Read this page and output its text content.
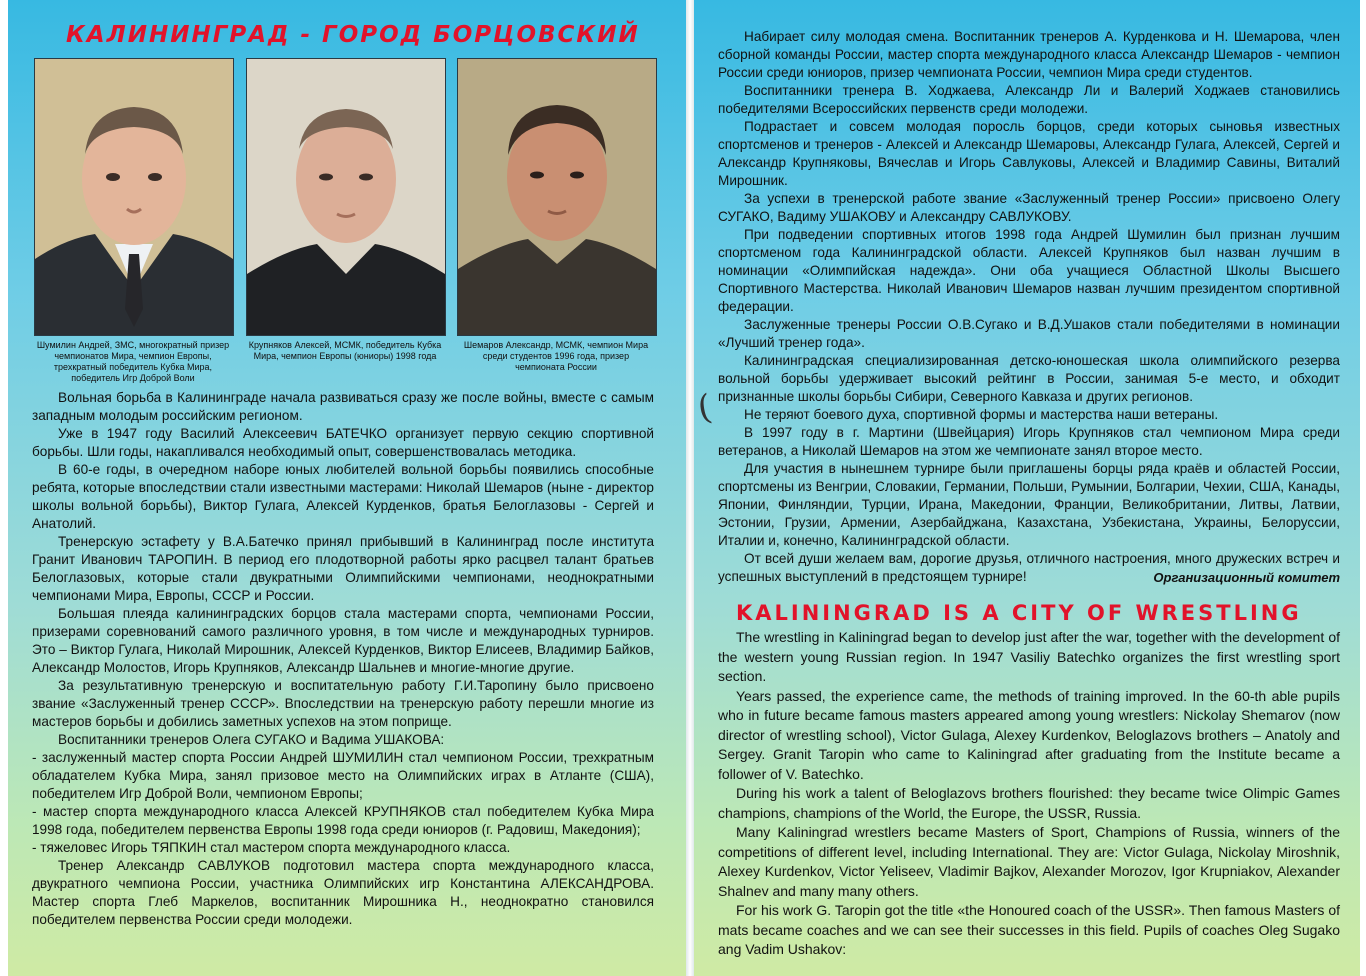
КАЛИНИНГРАД - ГОРОД БОРЦОВСКИЙ
Шумилин Андрей, ЗМС, многократный призер чемпионатов Мира, чемпион Европы, трехкратный победитель Кубка Мира, победитель Игр Доброй Воли
Крупняков Алексей, МСМК, победитель Кубка Мира, чемпион Европы (юниоры) 1998 года
Шемаров Александр, МСМК, чемпион Мира среди студентов 1996 года, призер чемпионата России

Вольная борьба в Калининграде начала развиваться сразу же после войны, вместе с самым западным молодым российским регионом.

Уже в 1947 году Василий Алексеевич БАТЕЧКО организует первую секцию спортивной борьбы. Шли годы, накапливался необходимый опыт, совершенствовалась методика.

В 60-е годы, в очередном наборе юных любителей вольной борьбы появились способные ребята, которые впоследствии стали известными мастерами: Николай Шемаров (ныне - директор школы вольной борьбы), Виктор Гулага, Алексей Курденков, братья Белоглазовы - Сергей и Анатолий.

Тренерскую эстафету у В.А.Батечко принял прибывший в Калининград после института Гранит Иванович ТАРОПИН. В период его плодотворной работы ярко расцвел талант братьев Белоглазовых, которые стали двукратными Олимпийскими чемпионами, неоднократными чемпионами Мира, Европы, СССР и России.

Большая плеяда калининградских борцов стала мастерами спорта, чемпионами России, призерами соревнований самого различного уровня, в том числе и международных турниров. Это – Виктор Гулага, Николай Мирошник, Алексей Курденков, Виктор Елисеев, Владимир Байков, Александр Молостов, Игорь Крупняков, Александр Шальнев и многие-многие другие.

За результативную тренерскую и воспитательную работу Г.И.Таропину было присвоено звание «Заслуженный тренер СССР». Впоследствии на тренерскую работу перешли многие из мастеров борьбы и добились заметных успехов на этом поприще.

Воспитанники тренеров Олега СУГАКО и Вадима УШАКОВА:

- заслуженный мастер спорта России Андрей ШУМИЛИН стал чемпионом России, трехкратным обладателем Кубка Мира, занял призовое место на Олимпийских играх в Атланте (США), победителем Игр Доброй Воли, чемпионом Европы;

- мастер спорта международного класса Алексей КРУПНЯКОВ стал победителем Кубка Мира 1998 года, победителем первенства Европы 1998 года среди юниоров (г. Радовиш, Македония);

- тяжеловес Игорь ТЯПКИН стал мастером спорта международного класса.

Тренер Александр САВЛУКОВ подготовил мастера спорта международного класса, двукратного чемпиона России, участника Олимпийских игр Константина АЛЕКСАНДРОВА. Мастер спорта Глеб Маркелов, воспитанник Мирошника Н., неоднократно становился победителем первенства России среди молодежи.

(

Набирает силу молодая смена. Воспитанник тренеров А. Курденкова и Н. Шемарова, член сборной команды России, мастер спорта международного класса Александр Шемаров - чемпион России среди юниоров, призер чемпионата России, чемпион Мира среди студентов.

Воспитанники тренера В. Ходжаева, Александр Ли и Валерий Ходжаев становились победителями Всероссийских первенств среди молодежи.

Подрастает и совсем молодая поросль борцов, среди которых сыновья известных спортсменов и тренеров - Алексей и Александр Шемаровы, Александр Гулага, Алексей, Сергей и Александр Крупняковы, Вячеслав и Игорь Савлуковы, Алексей и Владимир Савины, Виталий Мирошник.

За успехи в тренерской работе звание «Заслуженный тренер России» присвоено Олегу СУГАКО, Вадиму УШАКОВУ и Александру САВЛУКОВУ.

При подведении спортивных итогов 1998 года Андрей Шумилин был признан лучшим спортсменом года Калининградской области. Алексей Крупняков был назван лучшим в номинации «Олимпийская надежда». Они оба учащиеся Областной Школы Высшего Спортивного Мастерства. Николай Иванович Шемаров назван лучшим президентом спортивной федерации.

Заслуженные тренеры России О.В.Сугако и В.Д.Ушаков стали победителями в номинации «Лучший тренер года».

Калининградская специализированная детско-юношеская школа олимпийского резерва вольной борьбы удерживает высокий рейтинг в России, занимая 5-е место, и обходит признанные школы борьбы Сибири, Северного Кавказа и других регионов.

Не теряют боевого духа, спортивной формы и мастерства наши ветераны.

В 1997 году в г. Мартини (Швейцария) Игорь Крупняков стал чемпионом Мира среди ветеранов, а Николай Шемаров на этом же чемпионате занял второе место.

Для участия в нынешнем турнире были приглашены борцы ряда краёв и областей России, спортсмены из Венгрии, Словакии, Германии, Польши, Румынии, Болгарии, Чехии, США, Канады, Японии, Финляндии, Турции, Ирана, Македонии, Франции, Великобритании, Литвы, Латвии, Эстонии, Грузии, Армении, Азербайджана, Казахстана, Узбекистана, Украины, Белоруссии, Италии и, конечно, Калининградской области.

От всей души желаем вам, дорогие друзья, отличного настроения, много дружеских встреч и успешных выступлений в предстоящем турнире!	Организационный комитет
KALININGRAD IS A CITY OF WRESTLING

The wrestling in Kaliningrad began to develop just after the war, together with the development of the western young Russian region. In 1947 Vasiliy Batechko organizes the first wrestling sport section.

Years passed, the experience came, the methods of training improved. In the 60-th able pupils who in future became famous masters appeared among young wrestlers: Nickolay Shemarov (now director of wrestling school), Victor Gulaga, Alexey Kurdenkov, Beloglazovs brothers – Anatoly and Sergey. Granit Taropin who came to Kaliningrad after graduating from the Institute became a follower of V. Batechko.

During his work a talent of Beloglazovs brothers flourished: they became twice Olimpic Games champions, champions of the World, the Europe, the USSR, Russia.

Many Kaliningrad wrestlers became Masters of Sport, Champions of Russia, winners of the competitions of different level, including International. They are: Victor Gulaga, Nickolay Miroshnik, Alexey Kurdenkov, Victor Yeliseev, Vladimir Bajkov, Alexander Morozov, Igor Krupniakov, Alexander Shalnev and many many others.

For his work G. Taropin got the title «the Honoured coach of the USSR». Then famous Masters of mats became coaches and we can see their successes in this field. Pupils of coaches Oleg Sugako ang Vadim Ushakov:
